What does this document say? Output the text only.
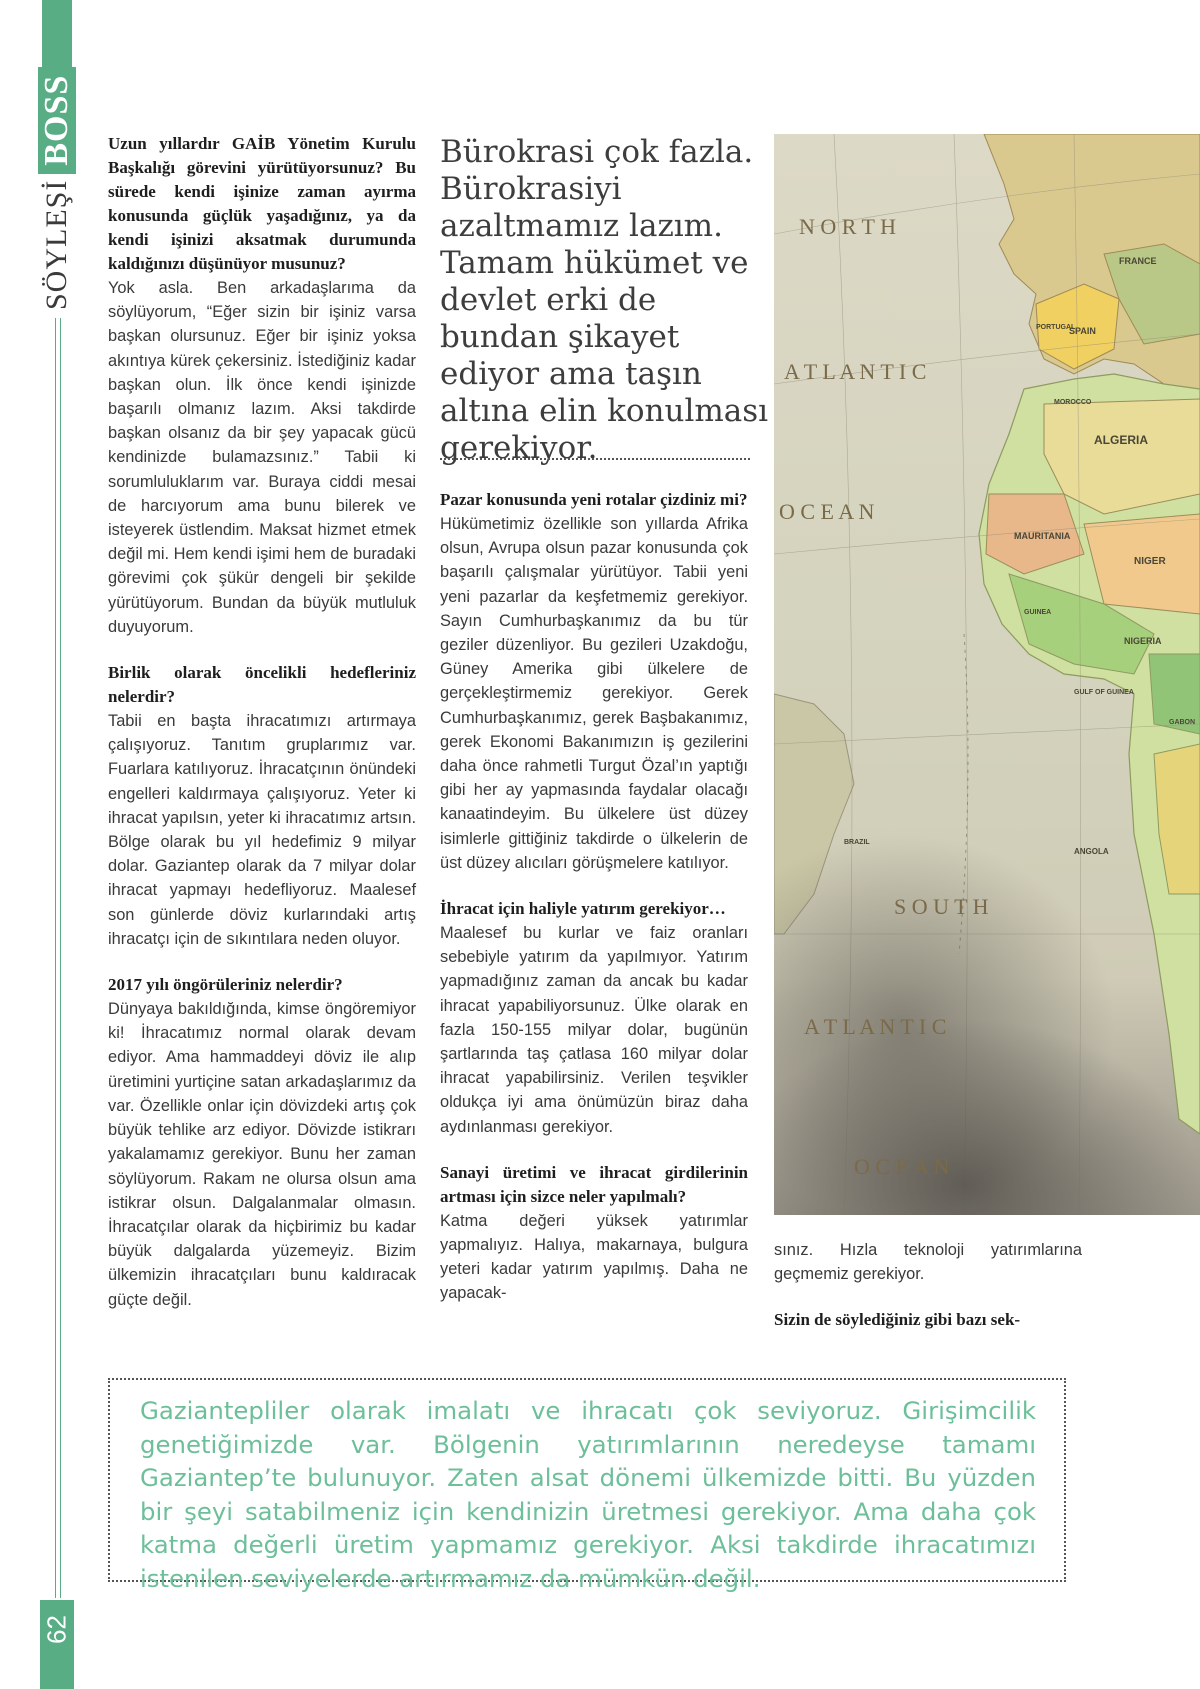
SÖYLEŞİ
BOSS
62

Uzun yıllardır GAİB Yönetim Kurulu Başkalığı görevini yürütüyorsunuz? Bu sürede kendi işinize zaman ayırma konusunda güçlük yaşadığınız, ya da kendi işinizi aksatmak durumunda kaldığınızı düşünüyor musunuz?

Yok asla. Ben arkadaşlarıma da söylüyorum, “Eğer sizin bir işiniz varsa başkan olursunuz. Eğer bir işiniz yoksa akıntıya kürek çekersiniz. İstediğiniz kadar başkan olun. İlk önce kendi işinizde başarılı olmanız lazım. Aksi takdirde başkan olsanız da bir şey yapacak gücü kendinizde bulamazsınız.” Tabii ki sorumluluklarım var. Buraya ciddi mesai de harcıyorum ama bunu bilerek ve isteyerek üstlendim. Maksat hizmet etmek değil mi. Hem kendi işimi hem de buradaki görevimi çok şükür dengeli bir şekilde yürütüyorum. Bundan da büyük mutluluk duyuyorum.

Birlik olarak öncelikli hedefleriniz nelerdir?

Tabii en başta ihracatımızı artırmaya çalışıyoruz. Tanıtım gruplarımız var. Fuarlara katılıyoruz. İhracatçının önündeki engelleri kaldırmaya çalışıyoruz. Yeter ki ihracat yapılsın, yeter ki ihracatımız artsın. Bölge olarak bu yıl hedefimiz 9 milyar dolar. Gaziantep olarak da 7 milyar dolar ihracat yapmayı hedefliyoruz. Maalesef son günlerde döviz kurlarındaki artış ihracatçı için de sıkıntılara neden oluyor.

2017 yılı öngörüleriniz nelerdir?

Dünyaya bakıldığında, kimse öngöremiyor ki! İhracatımız normal olarak devam ediyor. Ama hammaddeyi döviz ile alıp üretimini yurtiçine satan arkadaşlarımız da var. Özellikle onlar için dövizdeki artış çok büyük tehlike arz ediyor. Dövizde istikrarı yakalamamız gerekiyor. Bunu her zaman söylüyorum. Rakam ne olursa olsun ama istikrar olsun. Dalgalanmalar olmasın. İhracatçılar olarak da hiçbirimiz bu kadar büyük dalgalarda yüzemeyiz. Bizim ülkemizin ihracatçıları bunu kaldıracak güçte değil.

Bürokrasi çok fazla. Bürokrasiyi azaltmamız lazım. Tamam hükümet ve devlet erki de bundan şikayet ediyor ama taşın altına elin konulması gerekiyor.

Pazar konusunda yeni rotalar çizdiniz mi?

Hükümetimiz özellikle son yıllarda Afrika olsun, Avrupa olsun pazar konusunda çok başarılı çalışmalar yürütüyor. Tabii yeni yeni pazarlar da keşfetmemiz gerekiyor. Sayın Cumhurbaşkanımız da bu tür geziler düzenliyor. Bu gezileri Uzakdoğu, Güney Amerika gibi ülkelere de gerçekleştirmemiz gerekiyor. Gerek Cumhurbaşkanımız, gerek Başbakanımız, gerek Ekonomi Bakanımızın iş gezilerini daha önce rahmetli Turgut Özal’ın yaptığı gibi her ay yapmasında faydalar olacağı kanaatindeyim. Bu ülkelere üst düzey isimlerle gittiğiniz takdirde o ülkelerin de üst düzey alıcıları görüşmelere katılıyor.

İhracat için haliyle yatırım gerekiyor…

Maalesef bu kurlar ve faiz oranları sebebiyle yatırım da yapılmıyor. Yatırım yapmadığınız zaman da ancak bu kadar ihracat yapabiliyorsunuz. Ülke olarak en fazla 150-155 milyar dolar, bugünün şartlarında taş çatlasa 160 milyar dolar ihracat yapabilirsiniz. Verilen teşvikler oldukça iyi ama önümüzün biraz daha aydınlanması gerekiyor.

Sanayi üretimi ve ihracat girdilerinin artması için sizce neler yapılmalı?

Katma değeri yüksek yatırımlar yapmalıyız. Halıya, makarnaya, bulgura yeteri kadar yatırım yapılmış. Daha ne yapacak-

N O R T H
A T L A N T I C
O C E A N
S O U T H
A T L A N T I C
O C E A N
SPAIN
PORTUGAL
FRANCE
ALGERIA
MOROCCO
MAURITANIA
NIGER
NIGERIA
GUINEA
GULF OF GUINEA
GABON
BRAZIL
ANGOLA

sınız. Hızla teknoloji yatırımlarına geçmemiz gerekiyor.

Sizin de söylediğiniz gibi bazı sek-

Gaziantepliler olarak imalatı ve ihracatı çok seviyoruz. Girişimcilik genetiğimizde var. Bölgenin yatırımlarının neredeyse tamamı Gaziantep’te bulunuyor. Zaten alsat dönemi ülkemizde bitti. Bu yüzden bir şeyi satabilmeniz için kendinizin üretmesi gerekiyor. Ama daha çok katma değerli üretim yapmamız gerekiyor. Aksi takdirde ihracatımızı istenilen seviyelerde artırmamız da mümkün değil.
